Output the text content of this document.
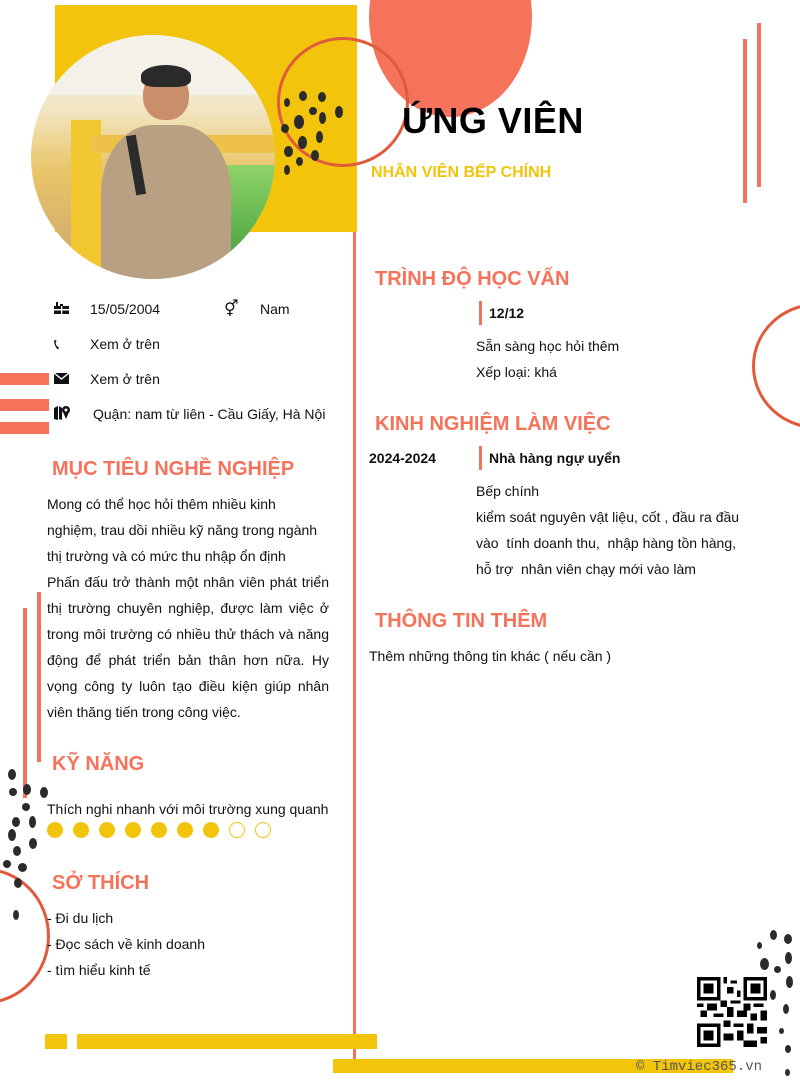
ỨNG VIÊN
NHÂN VIÊN BẾP CHÍNH
15/05/2004	⚥	Nam
📞︎	Xem ở trên
Xem ở trên
Quận: nam từ liên - Cầu Giấy, Hà Nội
MỤC TIÊU NGHỀ NGHIỆP
Mong có thể học hỏi thêm nhiều kinh nghiệm, trau dồi nhiều kỹ năng trong ngành thị trường và có mức thu nhập ổn định
Phấn đấu trở thành một nhân viên phát triển thị trường chuyên nghiệp, được làm việc ở trong môi trường có nhiều thử thách và năng động để phát triển bản thân hơn nữa. Hy vọng công ty luôn tạo điều kiện giúp nhân viên thăng tiến trong công việc.
KỸ NĂNG
Thích nghi nhanh với môi trường xung quanh
SỞ THÍCH
- Đi du lịch
- Đọc sách về kinh doanh
- tìm hiểu kinh tế
TRÌNH ĐỘ HỌC VẤN
12/12
Sẵn sàng học hỏi thêm
Xếp loại: khá
KINH NGHIỆM LÀM VIỆC
2024-2024	Nhà hàng ngự uyển
Bếp chính
kiểm soát nguyên vật liệu, cốt , đầu ra đầu
vào  tính doanh thu,  nhập hàng tồn hàng,
hỗ trợ  nhân viên chạy mới vào làm
THÔNG TIN THÊM
Thêm những thông tin khác ( nếu cần )
© Timviec365.vn
